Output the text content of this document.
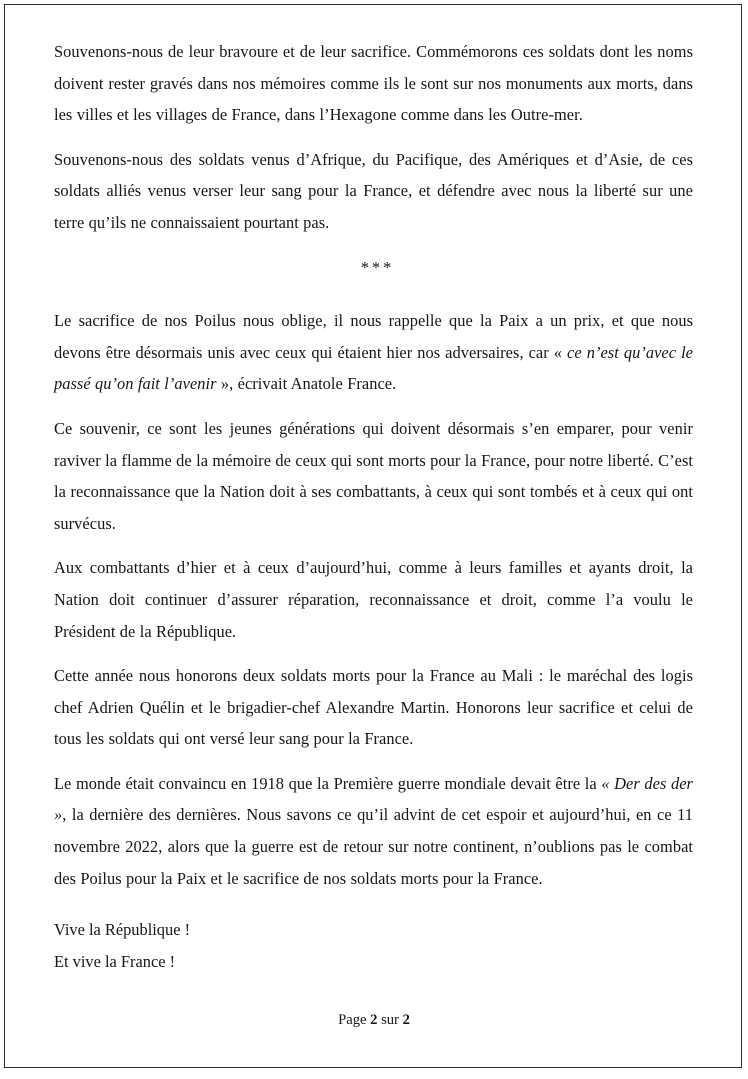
Souvenons-nous de leur bravoure et de leur sacrifice. Commémorons ces soldats dont les noms doivent rester gravés dans nos mémoires comme ils le sont sur nos monuments aux morts, dans les villes et les villages de France, dans l’Hexagone comme dans les Outre-mer.

Souvenons-nous des soldats venus d’Afrique, du Pacifique, des Amériques et d’Asie, de ces soldats alliés venus verser leur sang pour la France, et défendre avec nous la liberté sur une terre qu’ils ne connaissaient pourtant pas.

***

Le sacrifice de nos Poilus nous oblige, il nous rappelle que la Paix a un prix, et que nous devons être désormais unis avec ceux qui étaient hier nos adversaires, car « ce n’est qu’avec le passé qu’on fait l’avenir », écrivait Anatole France.

Ce souvenir, ce sont les jeunes générations qui doivent désormais s’en emparer, pour venir raviver la flamme de la mémoire de ceux qui sont morts pour la France, pour notre liberté. C’est la reconnaissance que la Nation doit à ses combattants, à ceux qui sont tombés et à ceux qui ont survécus.

Aux combattants d’hier et à ceux d’aujourd’hui, comme à leurs familles et ayants droit, la Nation doit continuer d’assurer réparation, reconnaissance et droit, comme l’a voulu le Président de la République.

Cette année nous honorons deux soldats morts pour la France au Mali : le maréchal des logis chef Adrien Quélin et le brigadier-chef Alexandre Martin. Honorons leur sacrifice et celui de tous les soldats qui ont versé leur sang pour la France.

Le monde était convaincu en 1918 que la Première guerre mondiale devait être la « Der des der », la dernière des dernières. Nous savons ce qu’il advint de cet espoir et aujourd’hui, en ce 11 novembre 2022, alors que la guerre est de retour sur notre continent, n’oublions pas le combat des Poilus pour la Paix et le sacrifice de nos soldats morts pour la France.

Vive la République !

Et vive la France !

Page 2 sur 2
